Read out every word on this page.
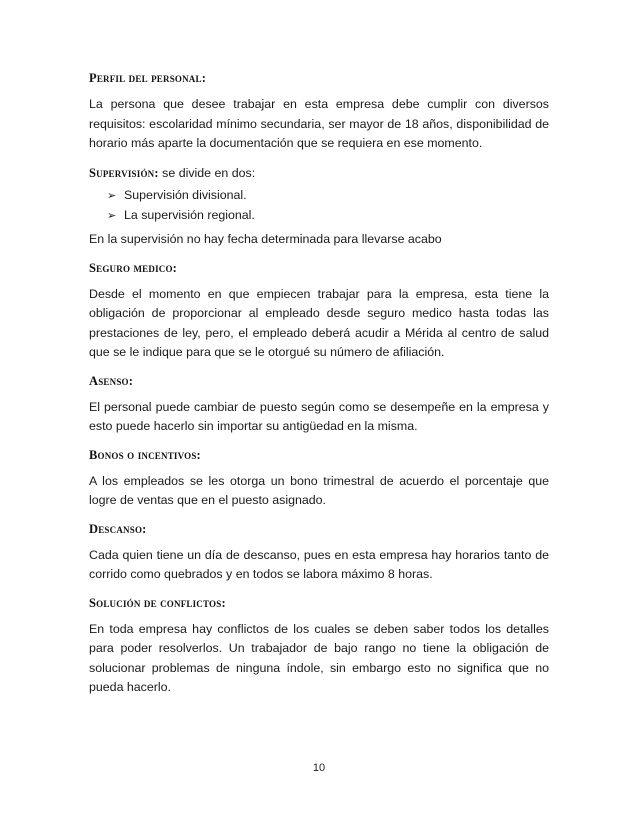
Perfil del personal:

La persona que desee trabajar en esta empresa debe cumplir con diversos requisitos: escolaridad mínimo secundaria, ser mayor de 18 años, disponibilidad de horario más aparte la documentación que se requiera en ese momento.

Supervisión: se divide en dos:
➢ Supervisión divisional.
➢ La supervisión regional.

En la supervisión no hay fecha determinada para llevarse acabo

Seguro medico:

Desde el momento en que empiecen trabajar para la empresa, esta tiene la obligación de proporcionar al empleado desde seguro medico hasta todas las prestaciones de ley, pero, el empleado deberá acudir a Mérida al centro de salud que se le indique para que se le otorgué su número de afiliación.

Asenso:

El personal puede cambiar de puesto según como se desempeñe en la empresa y esto puede hacerlo sin importar su antigüedad en la misma.

Bonos o incentivos:

A los empleados se les otorga un bono trimestral de acuerdo el porcentaje que logre de ventas que en el puesto asignado.

Descanso:

Cada quien tiene un día de descanso, pues en esta empresa hay horarios tanto de corrido como quebrados y en todos se labora máximo 8 horas.

Solución de conflictos:

En toda empresa hay conflictos de los cuales se deben saber todos los detalles para poder resolverlos. Un trabajador de bajo rango no tiene la obligación de solucionar problemas de ninguna índole, sin embargo esto no significa que no pueda hacerlo.

10
